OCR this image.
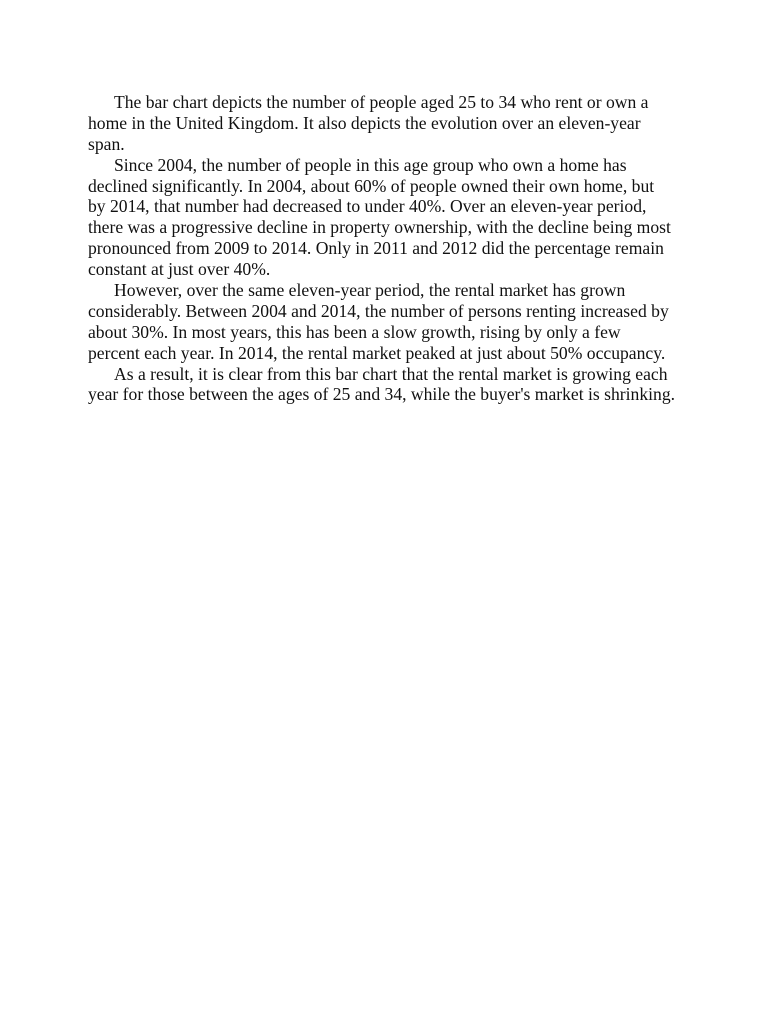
The bar chart depicts the number of people aged 25 to 34 who rent or own a
home in the United Kingdom. It also depicts the evolution over an eleven-year
span.
Since 2004, the number of people in this age group who own a home has
declined significantly. In 2004, about 60% of people owned their own home, but
by 2014, that number had decreased to under 40%. Over an eleven-year period,
there was a progressive decline in property ownership, with the decline being most
pronounced from 2009 to 2014. Only in 2011 and 2012 did the percentage remain
constant at just over 40%.
However, over the same eleven-year period, the rental market has grown
considerably. Between 2004 and 2014, the number of persons renting increased by
about 30%. In most years, this has been a slow growth, rising by only a few
percent each year. In 2014, the rental market peaked at just about 50% occupancy.
As a result, it is clear from this bar chart that the rental market is growing each
year for those between the ages of 25 and 34, while the buyer's market is shrinking.
